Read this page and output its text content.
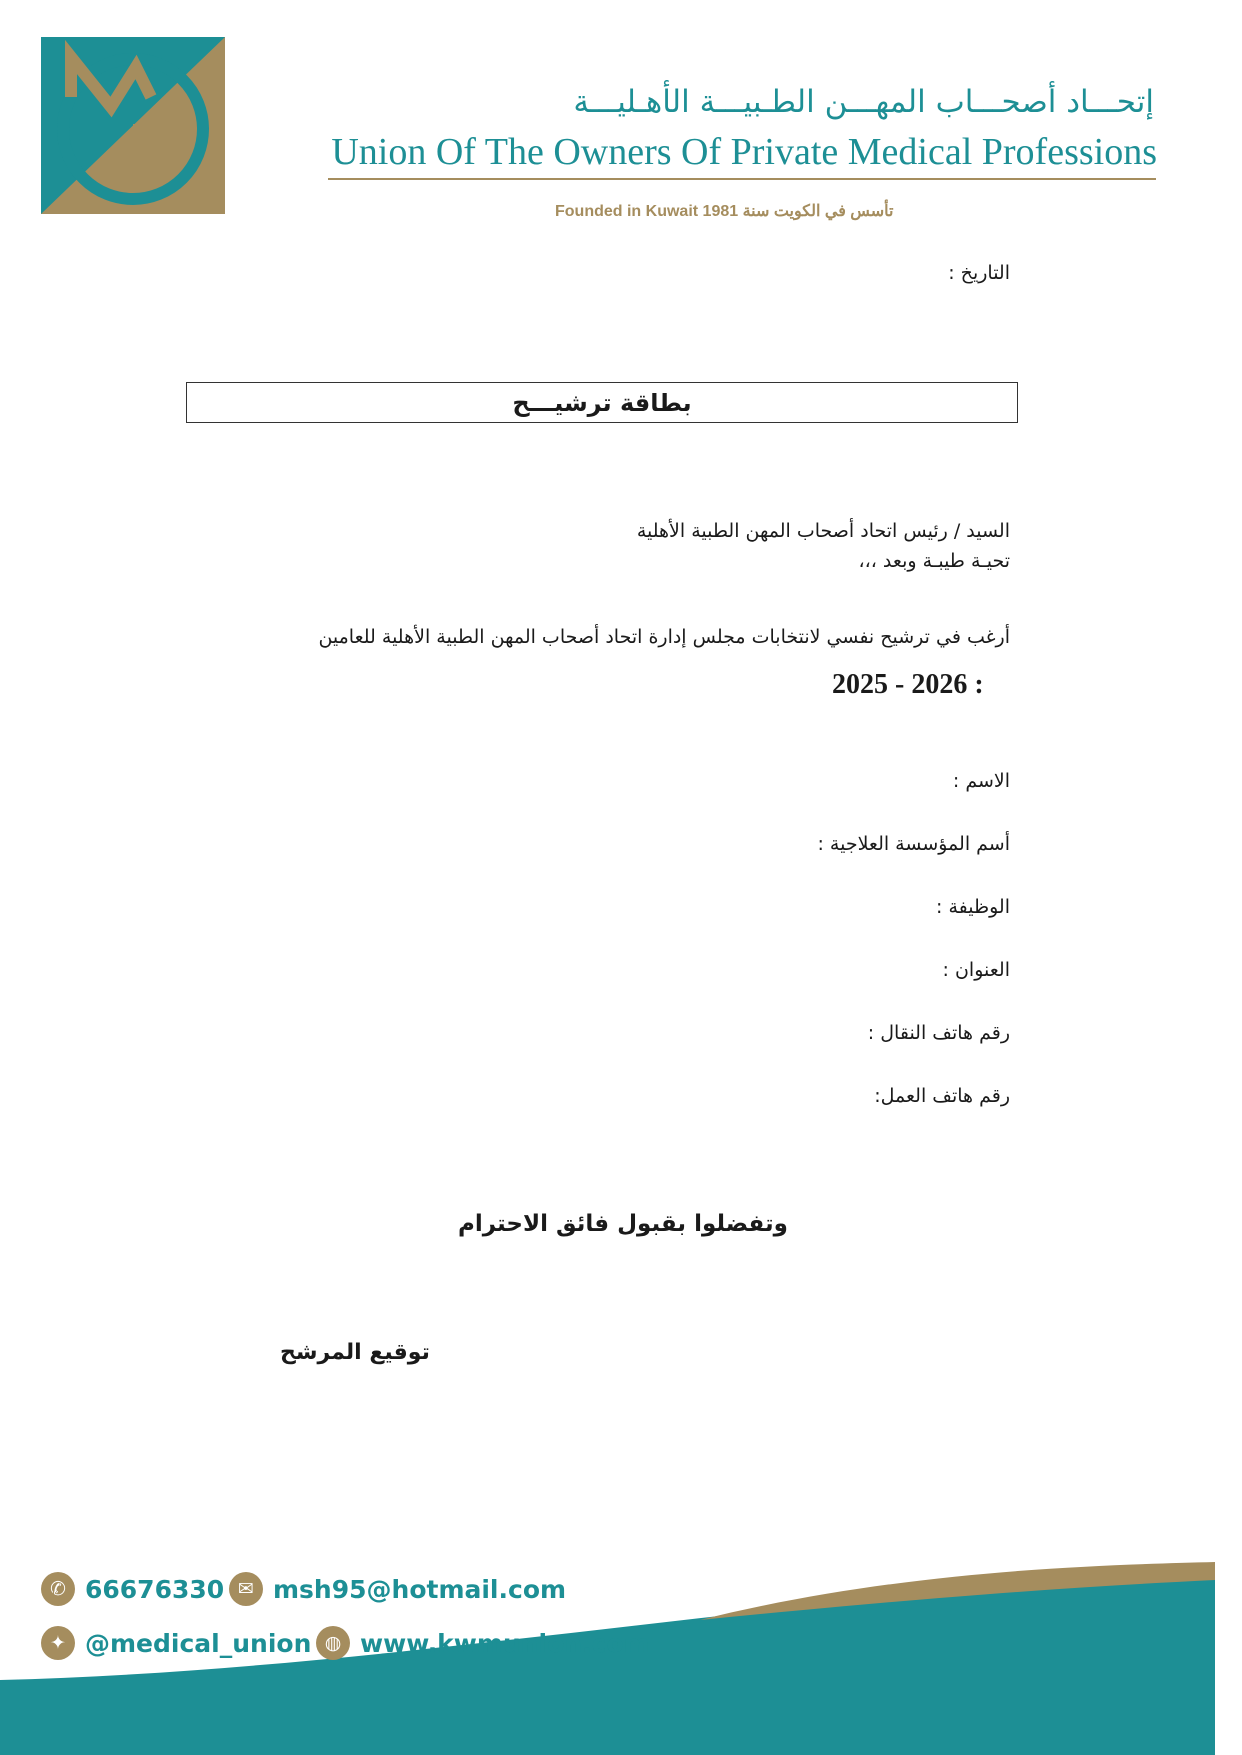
إتحـــاد أصحـــاب المهـــن الطـبيـــة الأهـليـــة
Union Of The Owners Of Private Medical Professions
Founded in Kuwait 1981 تأسس في الكويت سنة
التاريخ :
بطاقة ترشيـــح
السيد / رئيس اتحاد أصحاب المهن الطبية الأهلية
تحيـة طيبـة وبعد ،،،
أرغب في ترشيح نفسي لانتخابات مجلس إدارة اتحاد أصحاب المهن الطبية الأهلية للعامين
2025 - 2026 :
الاسم :
أسم المؤسسة العلاجية :
الوظيفة :
العنوان :
رقم هاتف النقال :
رقم هاتف العمل:
وتفضلوا بقبول فائق الاحترام
توقيع المرشح
✆ 66676330 ✉ msh95@hotmail.com
✦ @medical_union ◍ www.kwmunion.com
